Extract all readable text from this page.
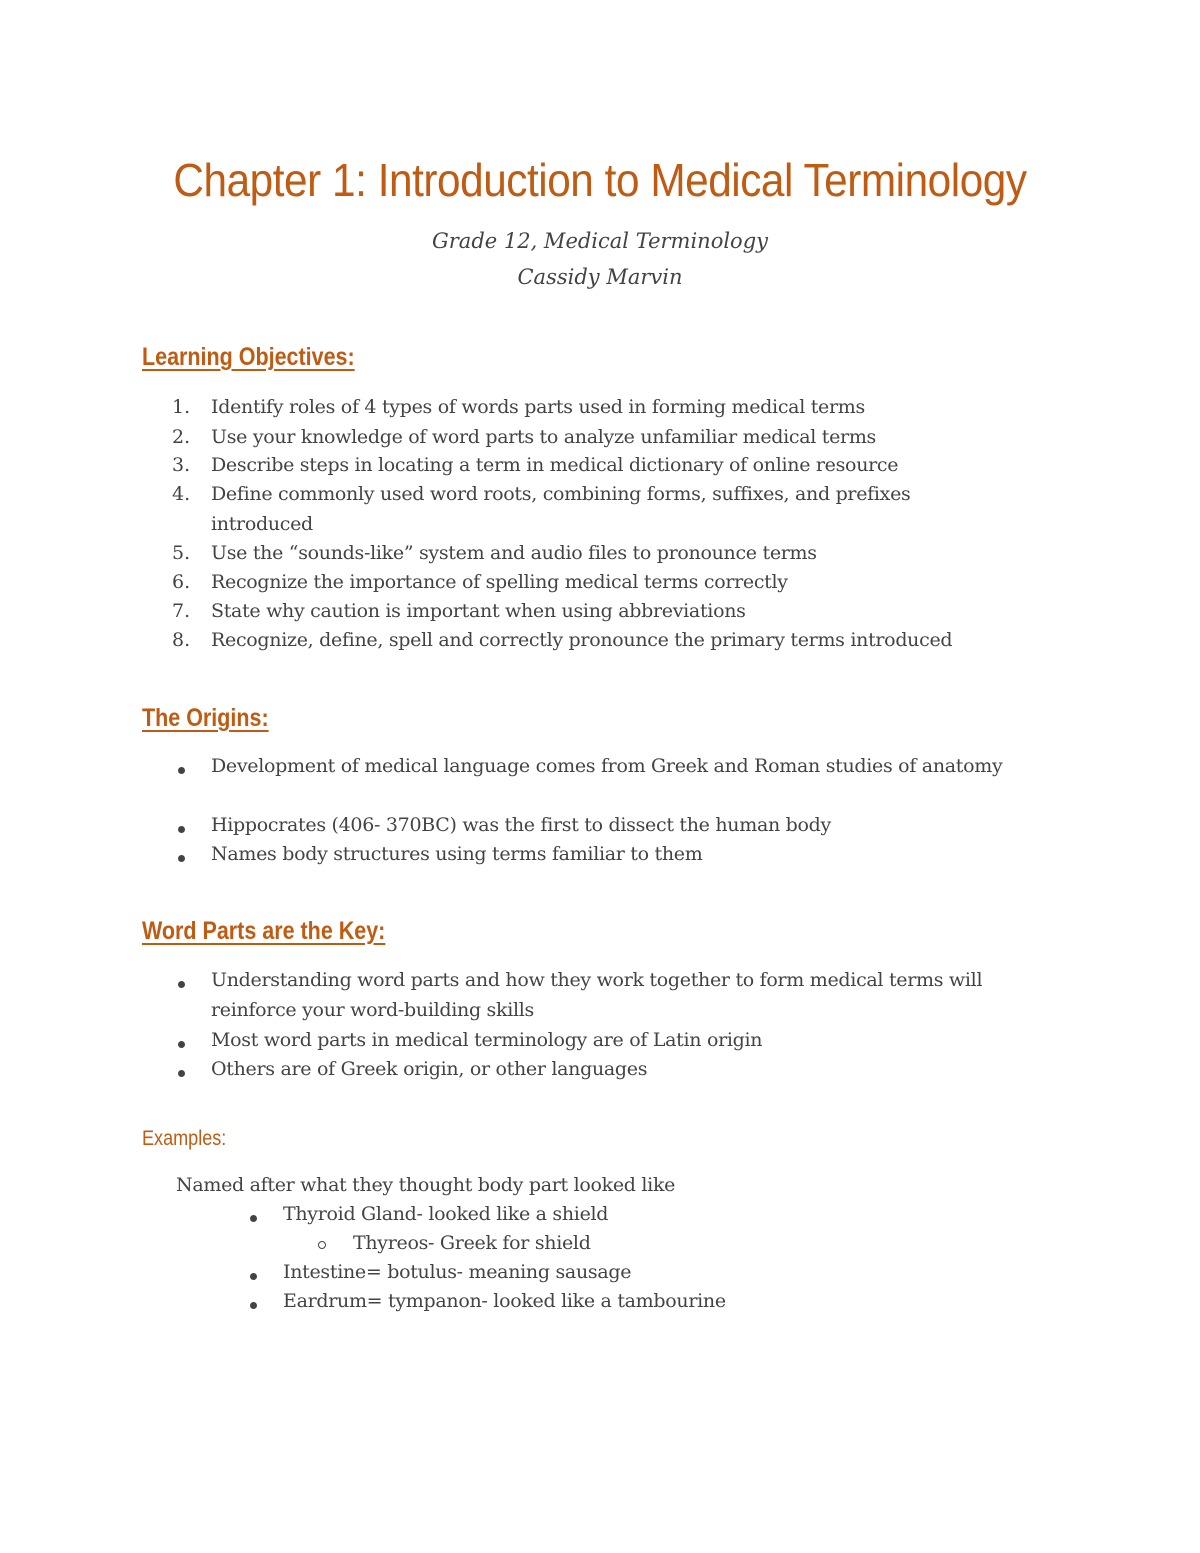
Chapter 1: Introduction to Medical Terminology
Grade 12, Medical Terminology
Cassidy Marvin
Learning Objectives:
1.	Identify roles of 4 types of words parts used in forming medical terms
2.	Use your knowledge of word parts to analyze unfamiliar medical terms
3.	Describe steps in locating a term in medical dictionary of online resource
4.	Define commonly used word roots, combining forms, suffixes, and prefixes introduced
5.	Use the “sounds-like” system and audio files to pronounce terms
6.	Recognize the importance of spelling medical terms correctly
7.	State why caution is important when using abbreviations
8.	Recognize, define, spell and correctly pronounce the primary terms introduced
The Origins:
Development of medical language comes from Greek and Roman studies of anatomy
Hippocrates (406- 370BC) was the first to dissect the human body
Names body structures using terms familiar to them
Word Parts are the Key:
Understanding word parts and how they work together to form medical terms will reinforce your word-building skills
Most word parts in medical terminology are of Latin origin
Others are of Greek origin, or other languages
Examples:
Named after what they thought body part looked like
Thyroid Gland- looked like a shield
Thyreos- Greek for shield
Intestine= botulus- meaning sausage
Eardrum= tympanon- looked like a tambourine
